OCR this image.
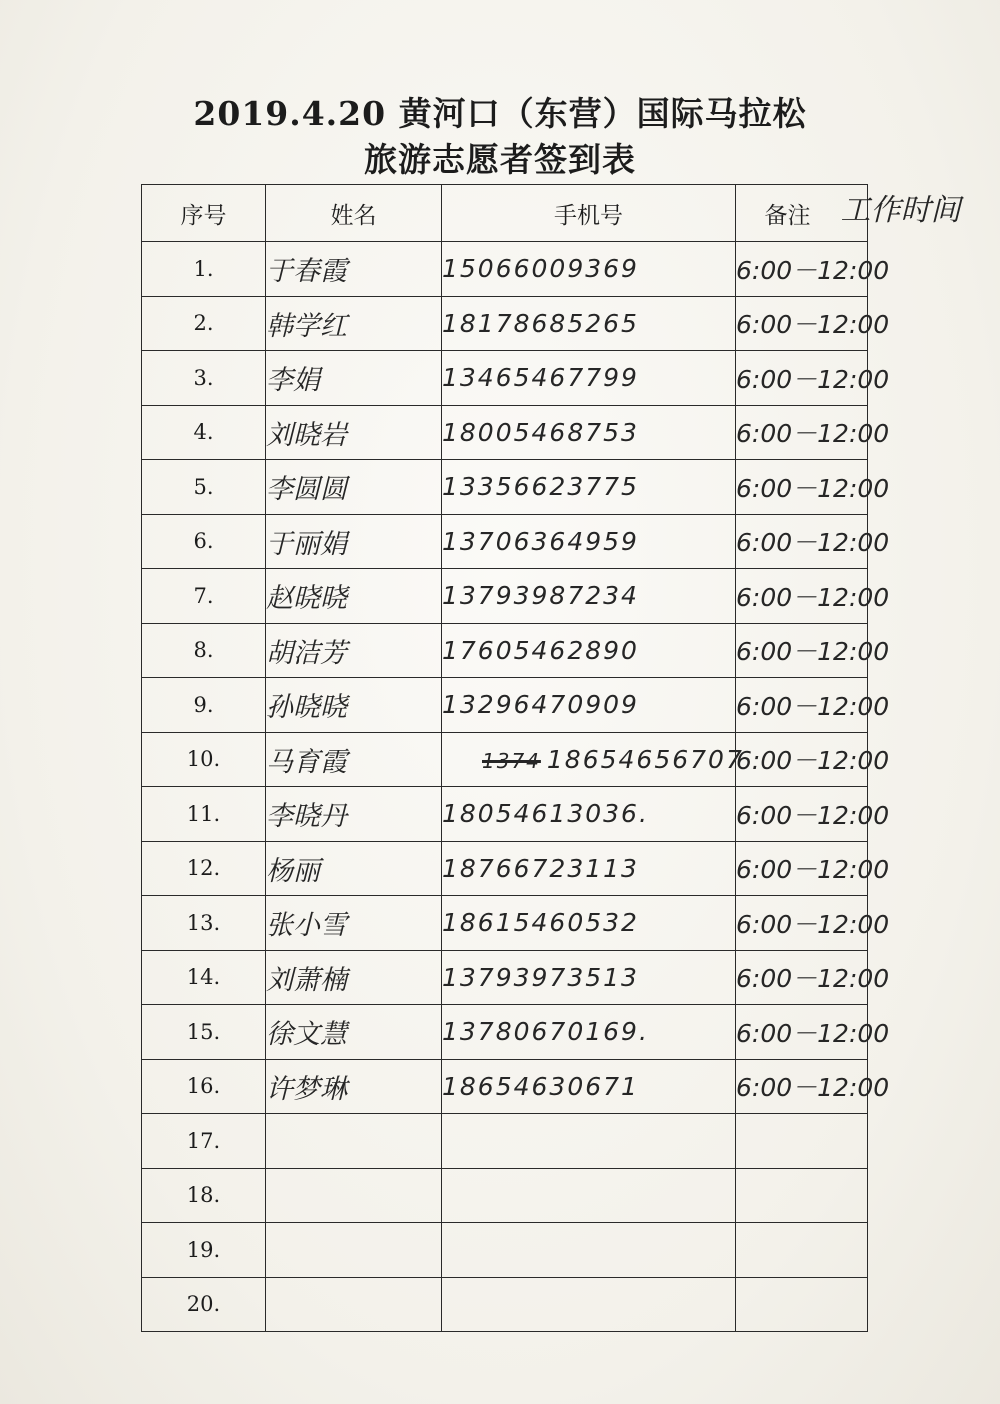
2019.4.20 黄河口（东营）国际马拉松
旅游志愿者签到表
序号	姓名	手机号	备注 工作时间

1.	于春霞	15066009369	6:00－12:00
2.	韩学红	18178685265	6:00－12:00
3.	李娟	13465467799	6:00－12:00
4.	刘晓岩	18005468753	6:00－12:00
5.	李圆圆	13356623775	6:00－12:00
6.	于丽娟	13706364959	6:00－12:00
7.	赵晓晓	13793987234	6:00－12:00
8.	胡洁芳	17605462890	6:00－12:00
9.	孙晓晓	13296470909	6:00－12:00
10.	马育霞	1374 18654656707	6:00－12:00
11.	李晓丹	18054613036.	6:00－12:00
12.	杨丽	18766723113	6:00－12:00
13.	张小雪	18615460532	6:00－12:00
14.	刘萧楠	13793973513	6:00－12:00
15.	徐文慧	13780670169.	6:00－12:00
16.	许梦琳	18654630671	6:00－12:00
17.			
18.			
19.			
20.			
